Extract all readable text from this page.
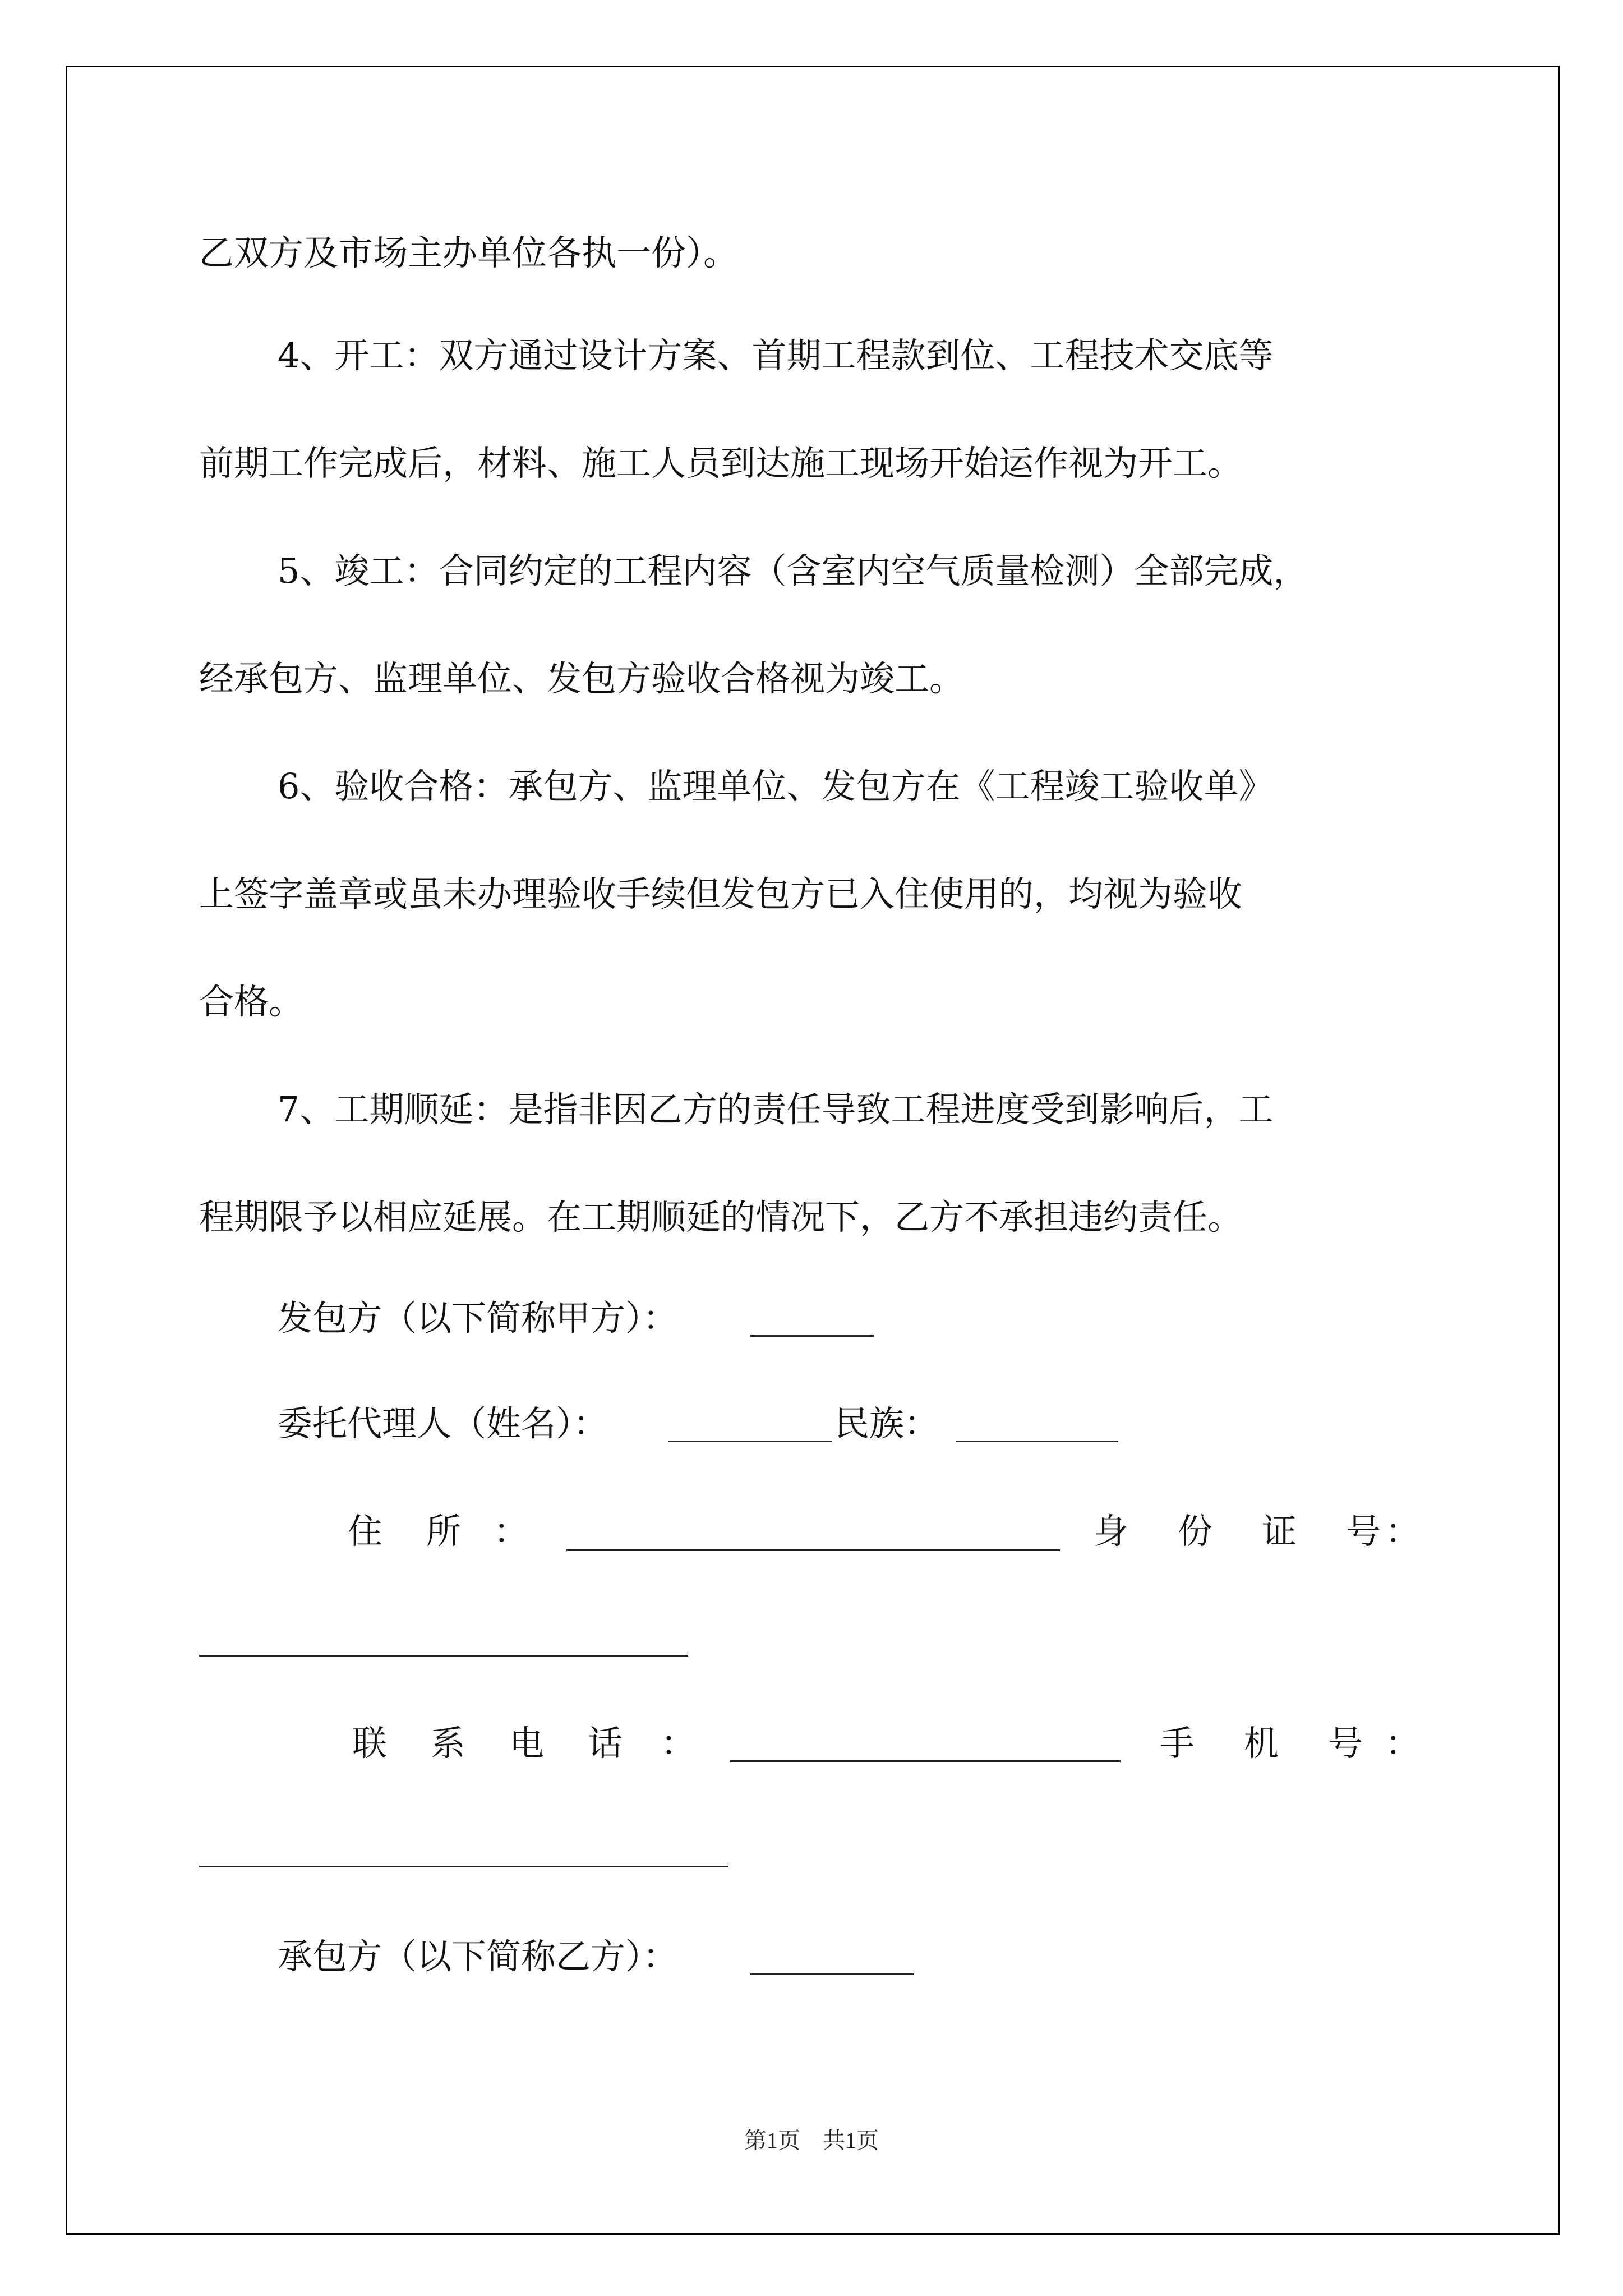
乙双方及市场主办单位各执一份）。
4、开工：双方通过设计方案、首期工程款到位、工程技术交底等
前期工作完成后，材料、施工人员到达施工现场开始运作视为开工。
5、竣工：合同约定的工程内容（含室内空气质量检测）全部完成，
经承包方、监理单位、发包方验收合格视为竣工。
6、验收合格：承包方、监理单位、发包方在《工程竣工验收单》
上签字盖章或虽未办理验收手续但发包方已入住使用的，均视为验收
合格。
7、工期顺延：是指非因乙方的责任导致工程进度受到影响后，工
程期限予以相应延展。在工期顺延的情况下，乙方不承担违约责任。
发包方（以下简称甲方）：
委托代理人（姓名）：	民族：
住 所 ：	身 份 证 号 ：
联 系 电 话 ：	手 机 号 ：
承包方（以下简称乙方）：
第1页　共1页
